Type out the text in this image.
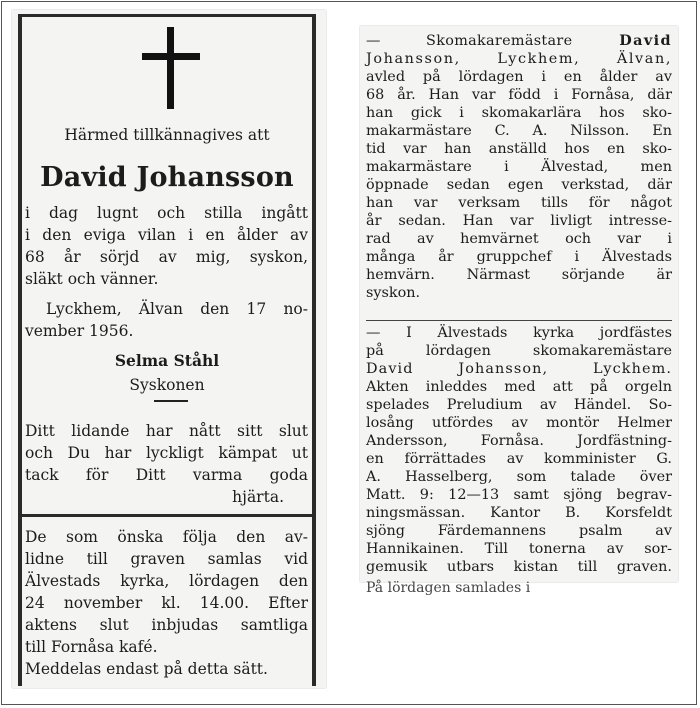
Härmed tillkännagives att
David Johansson
i dag lugnt och stilla ingått
i den eviga vilan i en ålder av
68 år sörjd av mig, syskon,
släkt och vänner.
Lyckhem, Älvan den 17 no-
vember 1956.
Selma Ståhl
Syskonen
Ditt lidande har nått sitt slut
och Du har lyckligt kämpat ut
tack för Ditt varma goda
hjärta.
De som önska följa den av-
lidne till graven samlas vid
Älvestads kyrka, lördagen den
24 november kl. 14.00. Efter
aktens slut inbjudas samtliga
till Fornåsa kafé.
Meddelas endast på detta sätt.
— Skomakaremästare David
Johansson, Lyckhem, Älvan,
avled på lördagen i en ålder av
68 år. Han var född i Fornåsa, där
han gick i skomakarlära hos sko-
makarmästare C. A. Nilsson. En
tid var han anställd hos en sko-
makarmästare i Älvestad, men
öppnade sedan egen verkstad, där
han var verksam tills för något
år sedan. Han var livligt intresse-
rad av hemvärnet och var i
många år gruppchef i Älvestads
hemvärn. Närmast sörjande är
syskon.
— I Älvestads kyrka jordfästes
på lördagen skomakaremästare
David Johansson, Lyckhem.
Akten inleddes med att på orgeln
spelades Preludium av Händel. So-
losång utfördes av montör Helmer
Andersson, Fornåsa. Jordfästning-
en förrättades av komminister G.
A. Hasselberg, som talade över
Matt. 9: 12—13 samt sjöng begrav-
ningsmässan. Kantor B. Korsfeldt
sjöng Färdemannens psalm av
Hannikainen. Till tonerna av sor-
gemusik utbars kistan till graven.
På lördagen samlades i
